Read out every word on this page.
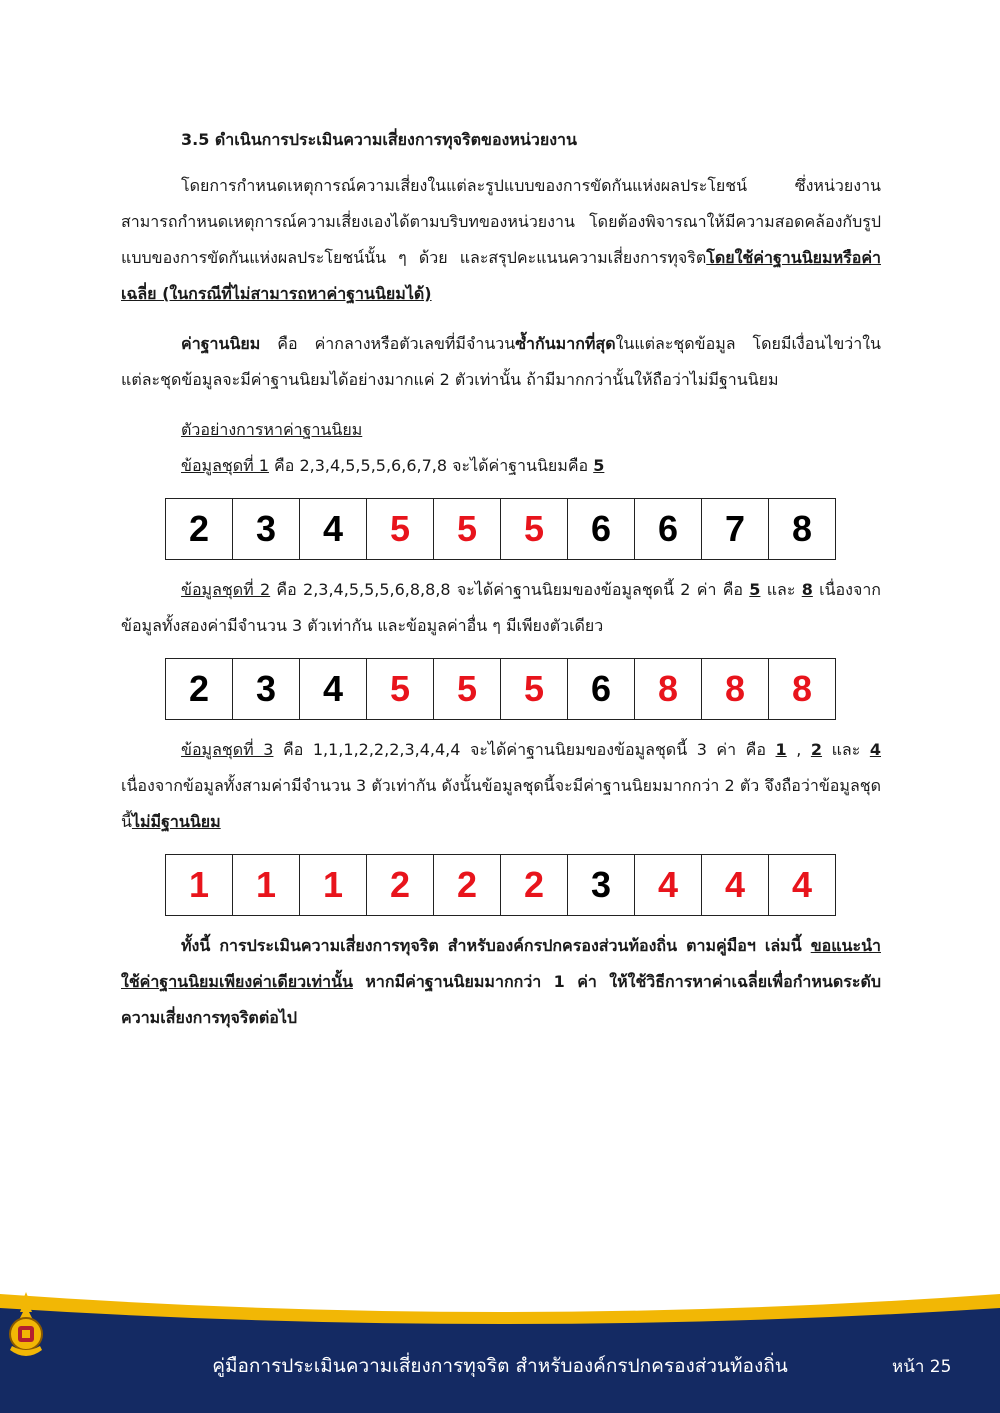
3.5 ดำเนินการประเมินความเสี่ยงการทุจริตของหน่วยงาน

โดยการกำหนดเหตุการณ์ความเสี่ยงในแต่ละรูปแบบของการขัดกันแห่งผลประโยชน์ ซึ่งหน่วยงานสามารถกำหนดเหตุการณ์ความเสี่ยงเองได้ตามบริบทของหน่วยงาน โดยต้องพิจารณาให้มีความสอดคล้องกับรูปแบบของการขัดกันแห่งผลประโยชน์นั้น ๆ ด้วย และสรุปคะแนนความเสี่ยงการทุจริตโดยใช้ค่าฐานนิยมหรือค่าเฉลี่ย (ในกรณีที่ไม่สามารถหาค่าฐานนิยมได้)

ค่าฐานนิยม คือ ค่ากลางหรือตัวเลขที่มีจำนวนซ้ำกันมากที่สุดในแต่ละชุดข้อมูล โดยมีเงื่อนไขว่าในแต่ละชุดข้อมูลจะมีค่าฐานนิยมได้อย่างมากแค่ 2 ตัวเท่านั้น ถ้ามีมากกว่านั้นให้ถือว่าไม่มีฐานนิยม

ตัวอย่างการหาค่าฐานนิยม
ข้อมูลชุดที่ 1 คือ 2,3,4,5,5,5,6,6,7,8 จะได้ค่าฐานนิยมคือ 5
2	3	4	5	5	5	6	6	7	8

ข้อมูลชุดที่ 2 คือ 2,3,4,5,5,5,6,8,8,8 จะได้ค่าฐานนิยมของข้อมูลชุดนี้ 2 ค่า คือ 5 และ 8 เนื่องจากข้อมูลทั้งสองค่ามีจำนวน 3 ตัวเท่ากัน และข้อมูลค่าอื่น ๆ มีเพียงตัวเดียว

2	3	4	5	5	5	6	8	8	8

ข้อมูลชุดที่ 3 คือ 1,1,1,2,2,2,3,4,4,4 จะได้ค่าฐานนิยมของข้อมูลชุดนี้ 3 ค่า คือ 1 , 2 และ 4 เนื่องจากข้อมูลทั้งสามค่ามีจำนวน 3 ตัวเท่ากัน ดังนั้นข้อมูลชุดนี้จะมีค่าฐานนิยมมากกว่า 2 ตัว จึงถือว่าข้อมูลชุดนี้ไม่มีฐานนิยม

1	1	1	2	2	2	3	4	4	4

ทั้งนี้ การประเมินความเสี่ยงการทุจริต สำหรับองค์กรปกครองส่วนท้องถิ่น ตามคู่มือฯ เล่มนี้ ขอแนะนำใช้ค่าฐานนิยมเพียงค่าเดียวเท่านั้น หากมีค่าฐานนิยมมากกว่า 1 ค่า ให้ใช้วิธีการหาค่าเฉลี่ยเพื่อกำหนดระดับความเสี่ยงการทุจริตต่อไป

คู่มือการประเมินความเสี่ยงการทุจริต สำหรับองค์กรปกครองส่วนท้องถิ่น	หน้า 25
